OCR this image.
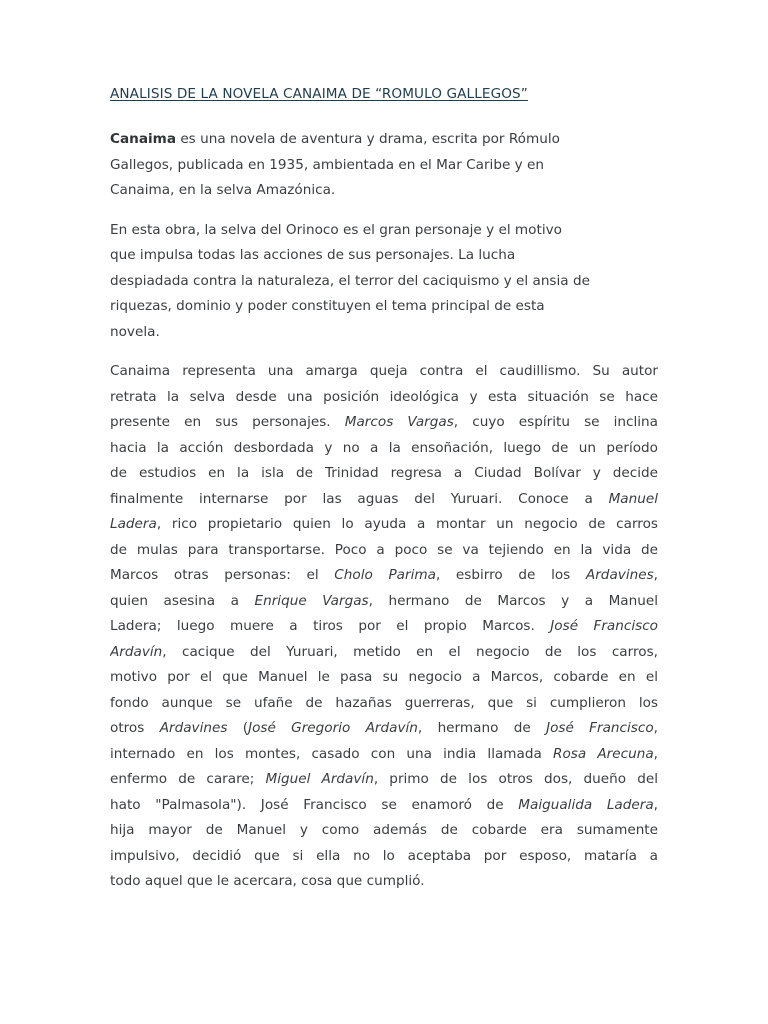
ANALISIS DE LA NOVELA CANAIMA DE “ROMULO GALLEGOS”
Canaima es una novela de aventura y drama, escrita por Rómulo
Gallegos, publicada en 1935, ambientada en el Mar Caribe y en
Canaima, en la selva Amazónica.
En esta obra, la selva del Orinoco es el gran personaje y el motivo
que impulsa todas las acciones de sus personajes. La lucha
despiadada contra la naturaleza, el terror del caciquismo y el ansia de
riquezas, dominio y poder constituyen el tema principal de esta
novela.
Canaima representa una amarga queja contra el caudillismo. Su autor
retrata la selva desde una posición ideológica y esta situación se hace
presente en sus personajes. Marcos Vargas, cuyo espíritu se inclina
hacia la acción desbordada y no a la ensoñación, luego de un período
de estudios en la isla de Trinidad regresa a Ciudad Bolívar y decide
finalmente internarse por las aguas del Yuruari. Conoce a Manuel
Ladera, rico propietario quien lo ayuda a montar un negocio de carros
de mulas para transportarse. Poco a poco se va tejiendo en la vida de
Marcos otras personas: el Cholo Parima, esbirro de los Ardavines,
quien asesina a Enrique Vargas, hermano de Marcos y a Manuel
Ladera; luego muere a tiros por el propio Marcos. José Francisco
Ardavín, cacique del Yuruari, metido en el negocio de los carros,
motivo por el que Manuel le pasa su negocio a Marcos, cobarde en el
fondo aunque se ufañe de hazañas guerreras, que si cumplieron los
otros Ardavines (José Gregorio Ardavín, hermano de José Francisco,
internado en los montes, casado con una india llamada Rosa Arecuna,
enfermo de carare; Miguel Ardavín, primo de los otros dos, dueño del
hato "Palmasola"). José Francisco se enamoró de Maigualida Ladera,
hija mayor de Manuel y como además de cobarde era sumamente
impulsivo, decidió que si ella no lo aceptaba por esposo, mataría a
todo aquel que le acercara, cosa que cumplió.
